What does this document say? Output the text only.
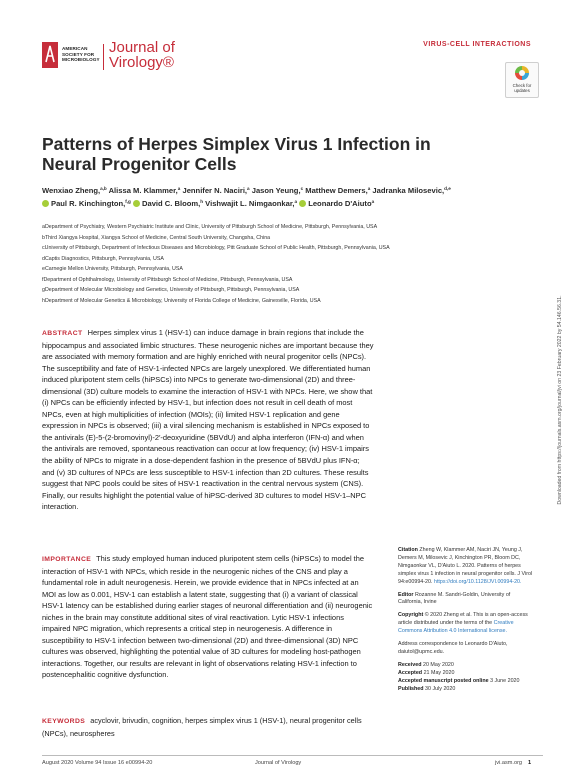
AMERICAN
SOCIETY FOR
MICROBIOLOGY
Journal of
Virology®
VIRUS-CELL INTERACTIONS
Check for
updates
Patterns of Herpes Simplex Virus 1 Infection in Neural Progenitor Cells
Wenxiao Zheng,$^{a,b}$ Alissa M. Klammer,$^a$ Jennifer N. Naciri,$^a$ Jason Yeung,$^c$ Matthew Demers,$^a$ Jadranka Milosevic,$^{d,e}$
Paul R. Kinchington,$^{f,g}$ David C. Bloom,$^h$ Vishwajit L. Nimgaonkar,$^a$ Leonardo D'Aiuto$^a$
aDepartment of Psychiatry, Western Psychiatric Institute and Clinic, University of Pittsburgh School of Medicine, Pittsburgh, Pennsylvania, USA
bThird Xiangya Hospital, Xiangya School of Medicine, Central South University, Changsha, China
cUniversity of Pittsburgh, Department of Infectious Diseases and Microbiology, Pitt Graduate School of Public Health, Pittsburgh, Pennsylvania, USA
dCaptis Diagnostics, Pittsburgh, Pennsylvania, USA
eCarnegie Mellon University, Pittsburgh, Pennsylvania, USA
fDepartment of Ophthalmology, University of Pittsburgh School of Medicine, Pittsburgh, Pennsylvania, USA
gDepartment of Molecular Microbiology and Genetics, University of Pittsburgh, Pittsburgh, Pennsylvania, USA
hDepartment of Molecular Genetics & Microbiology, University of Florida College of Medicine, Gainesville, Florida, USA
ABSTRACT Herpes simplex virus 1 (HSV-1) can induce damage in brain regions that include the hippocampus and associated limbic structures. These neurogenic niches are important because they are associated with memory formation and are highly enriched with neural progenitor cells (NPCs). The susceptibility and fate of HSV-1-infected NPCs are largely unexplored. We differentiated human induced pluripotent stem cells (hiPSCs) into NPCs to generate two-dimensional (2D) and three-dimensional (3D) culture models to examine the interaction of HSV-1 with NPCs. Here, we show that (i) NPCs can be efficiently infected by HSV-1, but infection does not result in cell death of most NPCs, even at high multiplicities of infection (MOIs); (ii) limited HSV-1 replication and gene expression in NPCs is observed; (iii) a viral silencing mechanism is established in NPCs exposed to the antivirals (E)-5-(2-bromovinyl)-2′-deoxyuridine (5BVdU) and alpha interferon (IFN-α) and when the antivirals are removed, spontaneous reactivation can occur at low frequency; (iv) HSV-1 impairs the ability of NPCs to migrate in a dose-dependent fashion in the presence of 5BVdU plus IFN-α; and (v) 3D cultures of NPCs are less susceptible to HSV-1 infection than 2D cultures. These results suggest that NPC pools could be sites of HSV-1 reactivation in the central nervous system (CNS). Finally, our results highlight the potential value of hiPSC-derived 3D cultures to model HSV-1–NPC interaction.
IMPORTANCE This study employed human induced pluripotent stem cells (hiPSCs) to model the interaction of HSV-1 with NPCs, which reside in the neurogenic niches of the CNS and play a fundamental role in adult neurogenesis. Herein, we provide evidence that in NPCs infected at an MOI as low as 0.001, HSV-1 can establish a latent state, suggesting that (i) a variant of classical HSV-1 latency can be established during earlier stages of neuronal differentiation and (ii) neurogenic niches in the brain may constitute additional sites of viral reactivation. Lytic HSV-1 infections impaired NPC migration, which represents a critical step in neurogenesis. A difference in susceptibility to HSV-1 infection between two-dimensional (2D) and three-dimensional (3D) NPC cultures was observed, highlighting the potential value of 3D cultures for modeling host-pathogen interactions. Together, our results are relevant in light of observations relating HSV-1 infection to postencephalitic cognitive dysfunction.
KEYWORDS acyclovir, brivudin, cognition, herpes simplex virus 1 (HSV-1), neural progenitor cells (NPCs), neurospheres
Citation Zheng W, Klammer AM, Naciri JN, Yeung J, Demers M, Milosevic J, Kinchington PR, Bloom DC, Nimgaonkar VL, D'Aiuto L. 2020. Patterns of herpes simplex virus 1 infection in neural progenitor cells. J Virol 94:e00994-20. https://doi.org/10.1128/JVI.00994-20.
Editor Rozanne M. Sandri-Goldin, University of California, Irvine
Copyright © 2020 Zheng et al. This is an open-access article distributed under the terms of the Creative Commons Attribution 4.0 International license.
Address correspondence to Leonardo D'Aiuto, daiutol@upmc.edu.
Received 20 May 2020
Accepted 21 May 2020
Accepted manuscript posted online 3 June 2020
Published 30 July 2020
August 2020 Volume 94 Issue 16 e00994-20	Journal of Virology	jvi.asm.org 1
Downloaded from https://journals.asm.org/journal/jvi on 23 February 2022 by 54.146.56.31.
